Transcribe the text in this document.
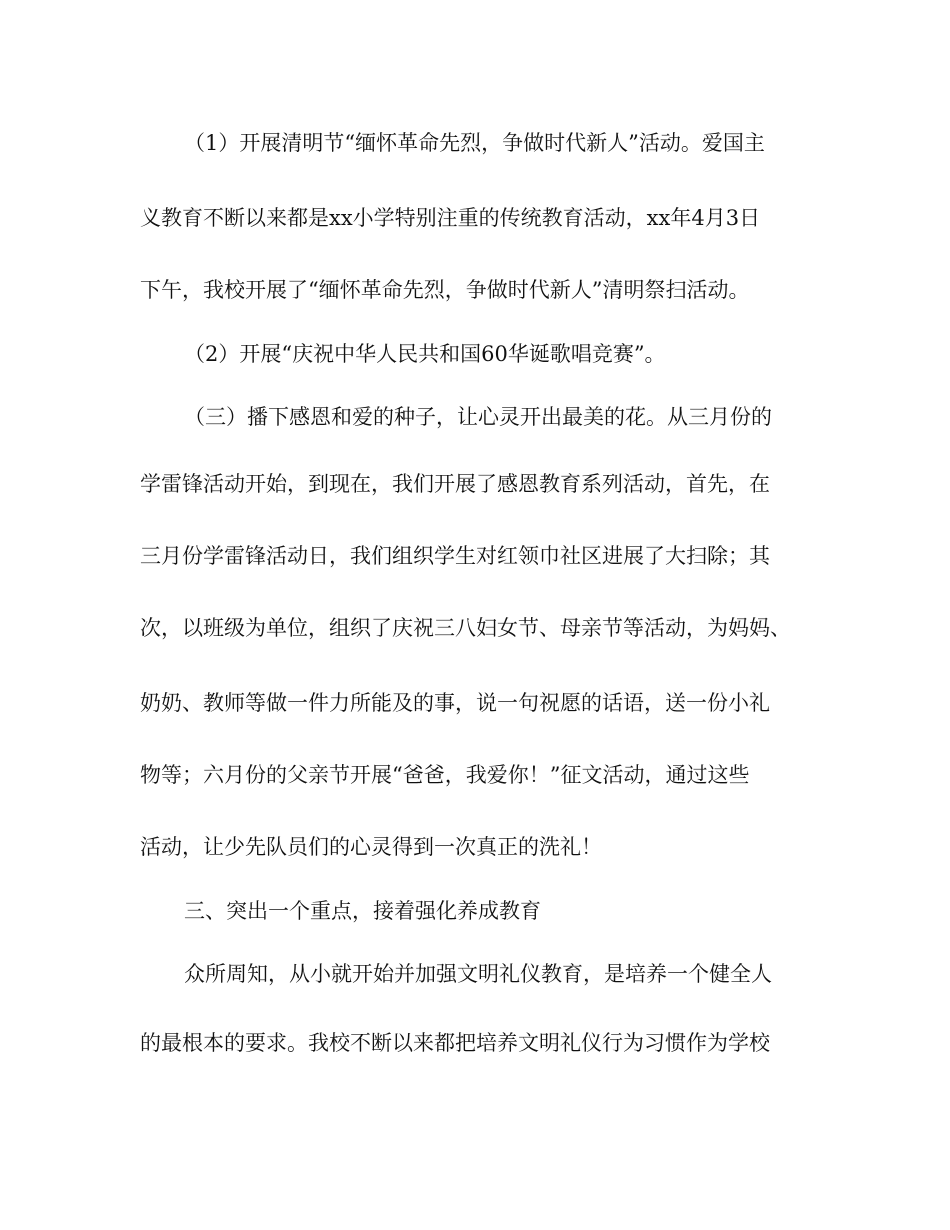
（1）开展清明节“缅怀革命先烈，争做时代新人”活动。爱国主

义教育不断以来都是xx小学特别注重的传统教育活动，xx年4月3日

下午，我校开展了“缅怀革命先烈，争做时代新人”清明祭扫活动。

（2）开展“庆祝中华人民共和国60华诞歌唱竞赛”。

（三）播下感恩和爱的种子，让心灵开出最美的花。从三月份的

学雷锋活动开始，到现在，我们开展了感恩教育系列活动，首先，在

三月份学雷锋活动日，我们组织学生对红领巾社区进展了大扫除；其

次，以班级为单位，组织了庆祝三八妇女节、母亲节等活动，为妈妈、

奶奶、教师等做一件力所能及的事，说一句祝愿的话语，送一份小礼

物等；六月份的父亲节开展“爸爸，我爱你！”征文活动，通过这些

活动，让少先队员们的心灵得到一次真正的洗礼！

三、突出一个重点，接着强化养成教育

众所周知，从小就开始并加强文明礼仪教育，是培养一个健全人

的最根本的要求。我校不断以来都把培养文明礼仪行为习惯作为学校
